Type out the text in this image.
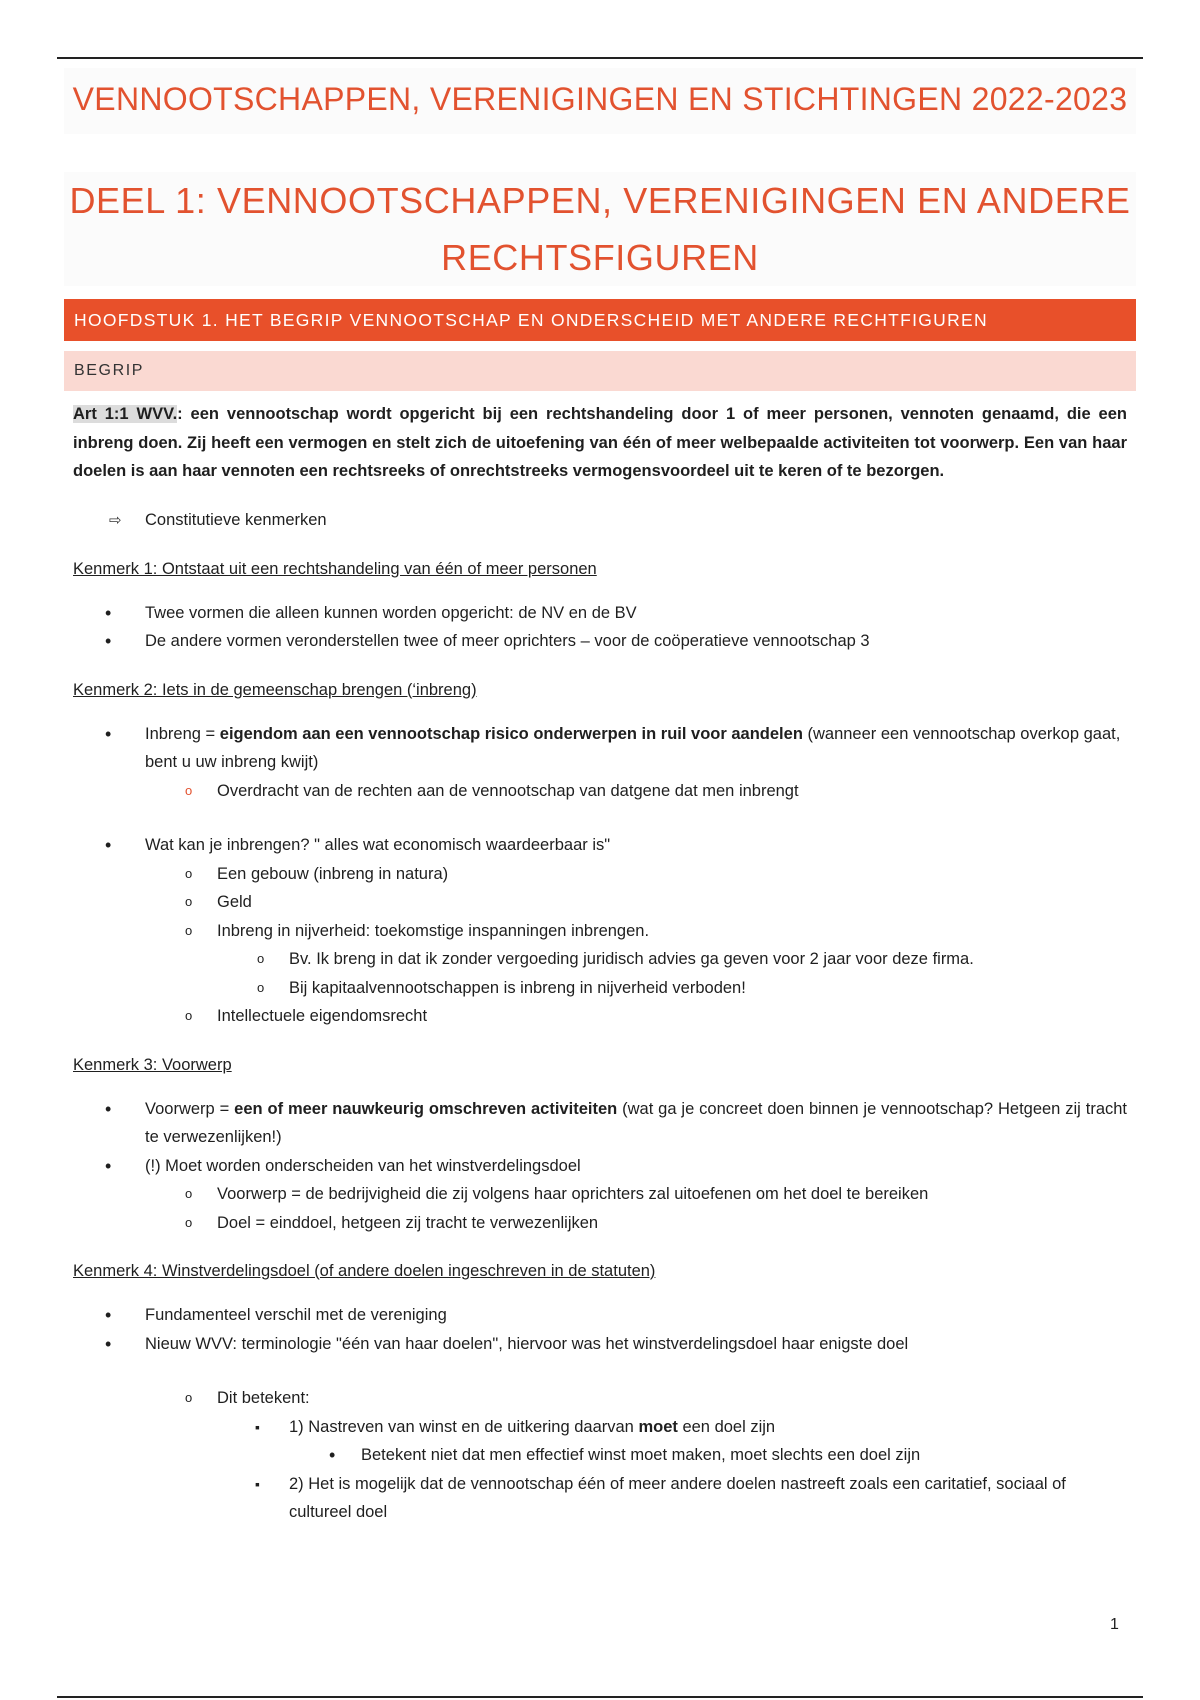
VENNOOTSCHAPPEN, VERENIGINGEN EN STICHTINGEN 2022-2023
DEEL 1: VENNOOTSCHAPPEN, VERENIGINGEN EN ANDERE
RECHTSFIGUREN
HOOFDSTUK 1. HET BEGRIP VENNOOTSCHAP EN ONDERSCHEID MET ANDERE RECHTFIGUREN
BEGRIP

Art 1:1 WVV.: een vennootschap wordt opgericht bij een rechtshandeling door 1 of meer personen, vennoten genaamd, die een inbreng doen. Zij heeft een vermogen en stelt zich de uitoefening van één of meer welbepaalde activiteiten tot voorwerp. Een van haar doelen is aan haar vennoten een rechtsreeks of onrechtstreeks vermogensvoordeel uit te keren of te bezorgen.

⇨ Constitutieve kenmerken
Kenmerk 1: Ontstaat uit een rechtshandeling van één of meer personen
• Twee vormen die alleen kunnen worden opgericht: de NV en de BV
• De andere vormen veronderstellen twee of meer oprichters – voor de coöperatieve vennootschap 3
Kenmerk 2: Iets in de gemeenschap brengen (‘inbreng)
• Inbreng = eigendom aan een vennootschap risico onderwerpen in ruil voor aandelen (wanneer een vennootschap overkop gaat, bent u uw inbreng kwijt)
o Overdracht van de rechten aan de vennootschap van datgene dat men inbrengt
• Wat kan je inbrengen? " alles wat economisch waardeerbaar is"
o Een gebouw (inbreng in natura)
o Geld
o Inbreng in nijverheid: toekomstige inspanningen inbrengen.
o Bv. Ik breng in dat ik zonder vergoeding juridisch advies ga geven voor 2 jaar voor deze firma.
o Bij kapitaalvennootschappen is inbreng in nijverheid verboden!
o Intellectuele eigendomsrecht
Kenmerk 3: Voorwerp
• Voorwerp = een of meer nauwkeurig omschreven activiteiten (wat ga je concreet doen binnen je vennootschap? Hetgeen zij tracht te verwezenlijken!)
• (!) Moet worden onderscheiden van het winstverdelingsdoel
o Voorwerp = de bedrijvigheid die zij volgens haar oprichters zal uitoefenen om het doel te bereiken
o Doel = einddoel, hetgeen zij tracht te verwezenlijken
Kenmerk 4: Winstverdelingsdoel (of andere doelen ingeschreven in de statuten)
• Fundamenteel verschil met de vereniging
• Nieuw WVV: terminologie "één van haar doelen", hiervoor was het winstverdelingsdoel haar enigste doel
o Dit betekent:
▪ 1) Nastreven van winst en de uitkering daarvan moet een doel zijn
• Betekent niet dat men effectief winst moet maken, moet slechts een doel zijn
▪ 2) Het is mogelijk dat de vennootschap één of meer andere doelen nastreeft zoals een caritatief, sociaal of cultureel doel
1
